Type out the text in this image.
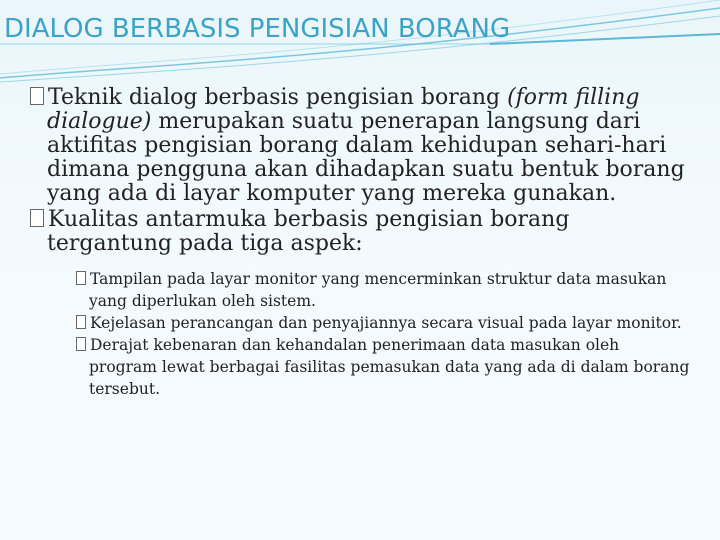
DIALOG BERBASIS PENGISIAN BORANG

Teknik dialog berbasis pengisian borang (form filling dialogue) merupakan suatu penerapan langsung dari aktifitas pengisian borang dalam kehidupan sehari-hari dimana pengguna akan dihadapkan suatu bentuk borang yang ada di layar komputer yang mereka gunakan.

Kualitas antarmuka berbasis pengisian borang tergantung pada tiga aspek:

Tampilan pada layar monitor yang mencerminkan struktur data masukan yang diperlukan oleh sistem.

Kejelasan perancangan dan penyajiannya secara visual pada layar monitor.

Derajat kebenaran dan kehandalan penerimaan data masukan oleh program lewat berbagai fasilitas pemasukan data yang ada di dalam borang tersebut.
